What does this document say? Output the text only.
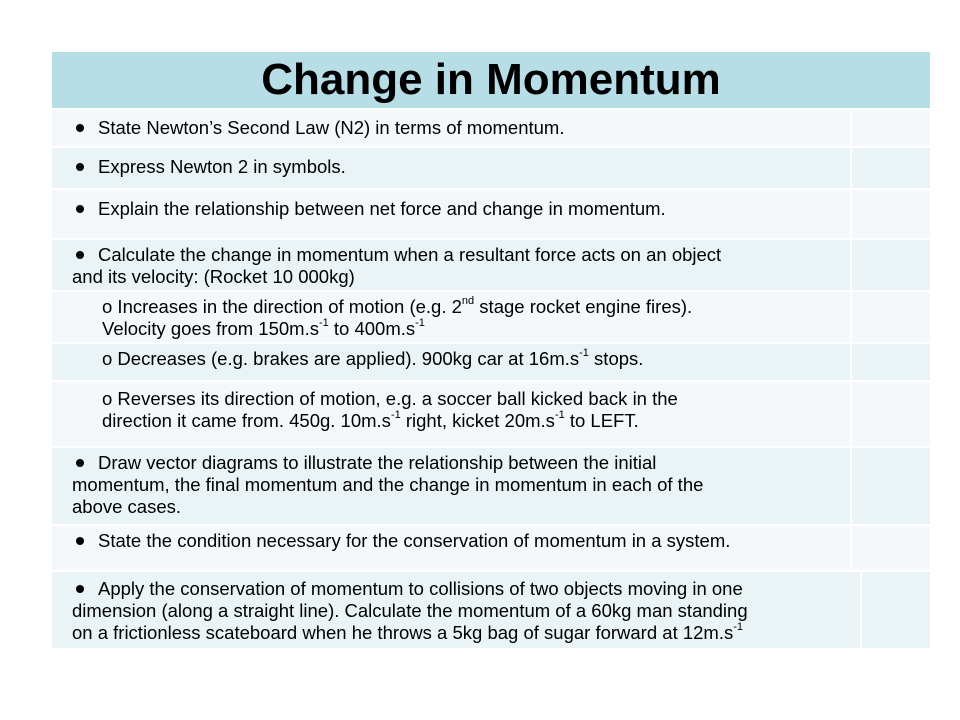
Change in Momentum
State Newton’s Second Law (N2) in terms of momentum.
Express Newton 2 in symbols.
Explain the relationship between net force and change in momentum.
Calculate the change in momentum when a resultant force acts on an object
and its velocity: (Rocket 10 000kg)
o Increases in the direction of motion (e.g. 2nd stage rocket engine fires).
Velocity goes from $150m.s^{-1}$ to $400m.s^{-1}$
o Decreases (e.g. brakes are applied). 900kg car at $16m.s^{-1}$ stops.
o Reverses its direction of motion, e.g. a soccer ball kicked back in the
direction it came from. 450g. $10m.s^{-1}$ right, kicket $20m.s^{-1}$ to LEFT.
Draw vector diagrams to illustrate the relationship between the initial
momentum, the final momentum and the change in momentum in each of the
above cases.
State the condition necessary for the conservation of momentum in a system.
Apply the conservation of momentum to collisions of two objects moving in one
dimension (along a straight line). Calculate the momentum of a 60kg man standing
on a frictionless scateboard when he throws a 5kg bag of sugar forward at $12m.s^{-1}$
